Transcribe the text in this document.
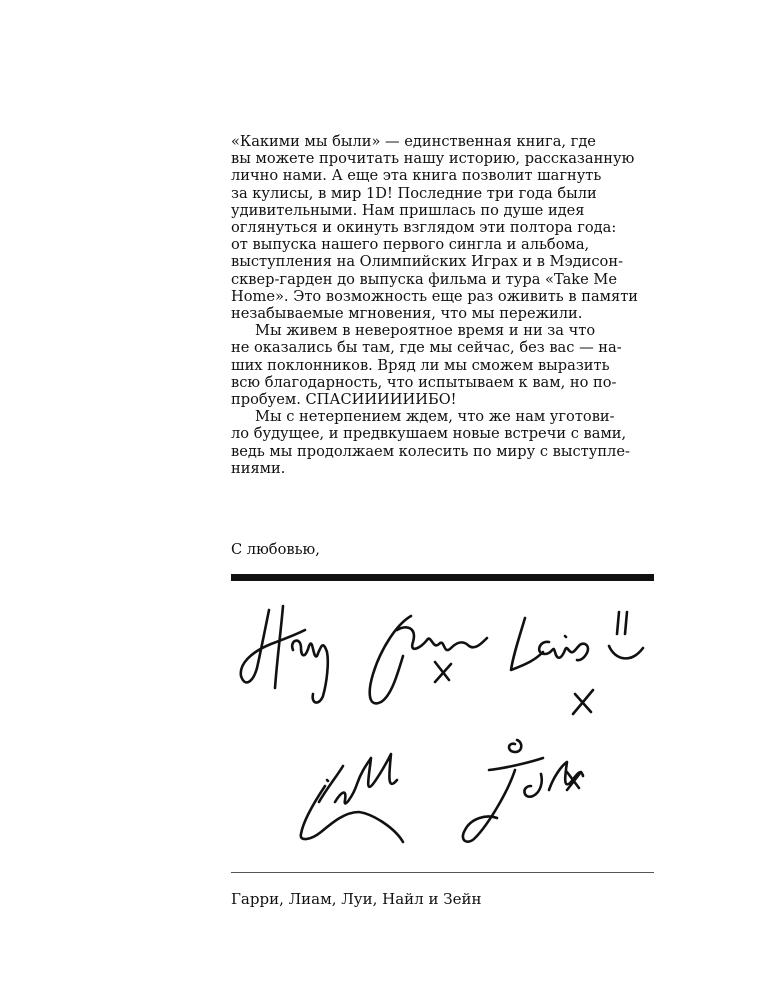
«Какими мы были» — единственная книга, где
вы можете прочитать нашу историю, рассказанную
лично нами. А еще эта книга позволит шагнуть
за кулисы, в мир 1D! Последние три года были
удивительными. Нам пришлась по душе идея
оглянуться и окинуть взглядом эти полтора года:
от выпуска нашего первого сингла и альбома,
выступления на Олимпийских Играх и в Мэдисон-
сквер-гарден до выпуска фильма и тура «Take Me
Home». Это возможность еще раз оживить в памяти
незабываемые мгновения, что мы пережили.
Мы живем в невероятное время и ни за что
не оказались бы там, где мы сейчас, без вас — на-
ших поклонников. Вряд ли мы сможем выразить
всю благодарность, что испытываем к вам, но по-
пробуем. СПАСИИИИИИБО!
Мы с нетерпением ждем, что же нам уготови-
ло будущее, и предвкушаем новые встречи с вами,
ведь мы продолжаем колесить по миру с выступле-
ниями.

С любовью,

Гарри, Лиам, Луи, Найл и Зейн
